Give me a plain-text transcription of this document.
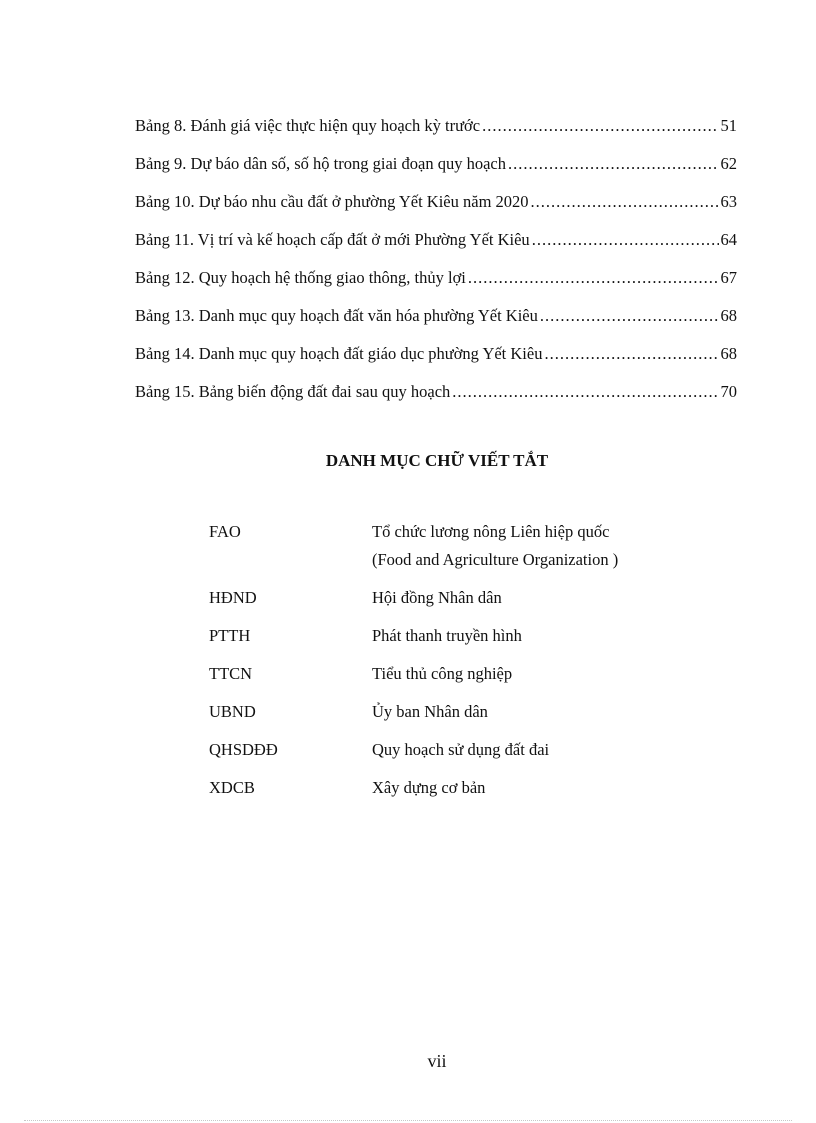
Bảng 8. Đánh giá việc thực hiện quy hoạch kỳ trước .....	51
Bảng 9. Dự báo dân số, số hộ trong giai đoạn quy hoạch .....	62
Bảng 10. Dự báo nhu cầu đất ở phường Yết Kiêu năm 2020 .....	63
Bảng 11. Vị trí và kế hoạch cấp đất ở mới Phường Yết Kiêu .....	64
Bảng 12. Quy hoạch hệ thống giao thông, thủy lợi .....	67
Bảng 13. Danh mục quy hoạch đất văn hóa phường Yết Kiêu .....	68
Bảng 14. Danh mục quy hoạch đất giáo dục phường Yết Kiêu .....	68
Bảng 15. Bảng biến động đất đai sau quy hoạch .....	70
DANH MỤC CHỮ VIẾT TẮT
FAO	Tổ chức lương nông Liên hiệp quốc
(Food and Agriculture Organization )

HĐND	Hội đồng Nhân dân
PTTH	Phát thanh truyền hình
TTCN	Tiểu thủ công nghiệp
UBND	Ủy ban Nhân dân
QHSDĐĐ	Quy hoạch sử dụng đất đai
XDCB	Xây dựng cơ bản
vii
